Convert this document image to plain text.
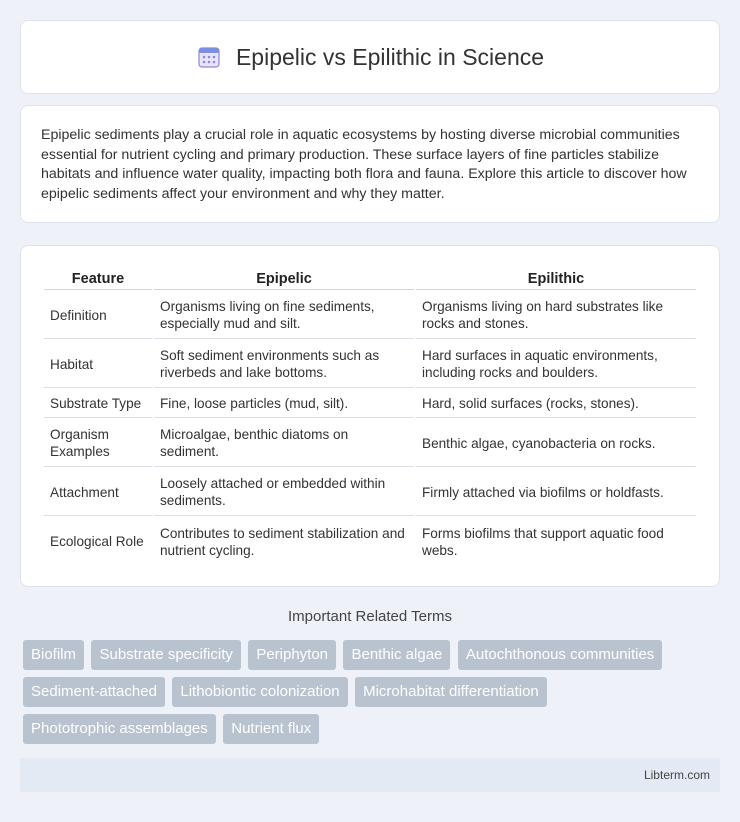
Epipelic vs Epilithic in Science

Epipelic sediments play a crucial role in aquatic ecosystems by hosting diverse microbial communities essential for nutrient cycling and primary production. These surface layers of fine particles stabilize habitats and influence water quality, impacting both flora and fauna. Explore this article to discover how epipelic sediments affect your environment and why they matter.

Feature	Epipelic	Epilithic
Definition	Organisms living on fine sediments, especially mud and silt.	Organisms living on hard substrates like rocks and stones.
Habitat	Soft sediment environments such as riverbeds and lake bottoms.	Hard surfaces in aquatic environments, including rocks and boulders.
Substrate Type	Fine, loose particles (mud, silt).	Hard, solid surfaces (rocks, stones).
Organism Examples	Microalgae, benthic diatoms on sediment.	Benthic algae, cyanobacteria on rocks.
Attachment	Loosely attached or embedded within sediments.	Firmly attached via biofilms or holdfasts.
Ecological Role	Contributes to sediment stabilization and nutrient cycling.	Forms biofilms that support aquatic food webs.
Important Related Terms
Biofilm Substrate specificity Periphyton Benthic algae Autochthonous communities Sediment-attached Lithobiontic colonization Microhabitat differentiation Phototrophic assemblages Nutrient flux
Libterm.com
